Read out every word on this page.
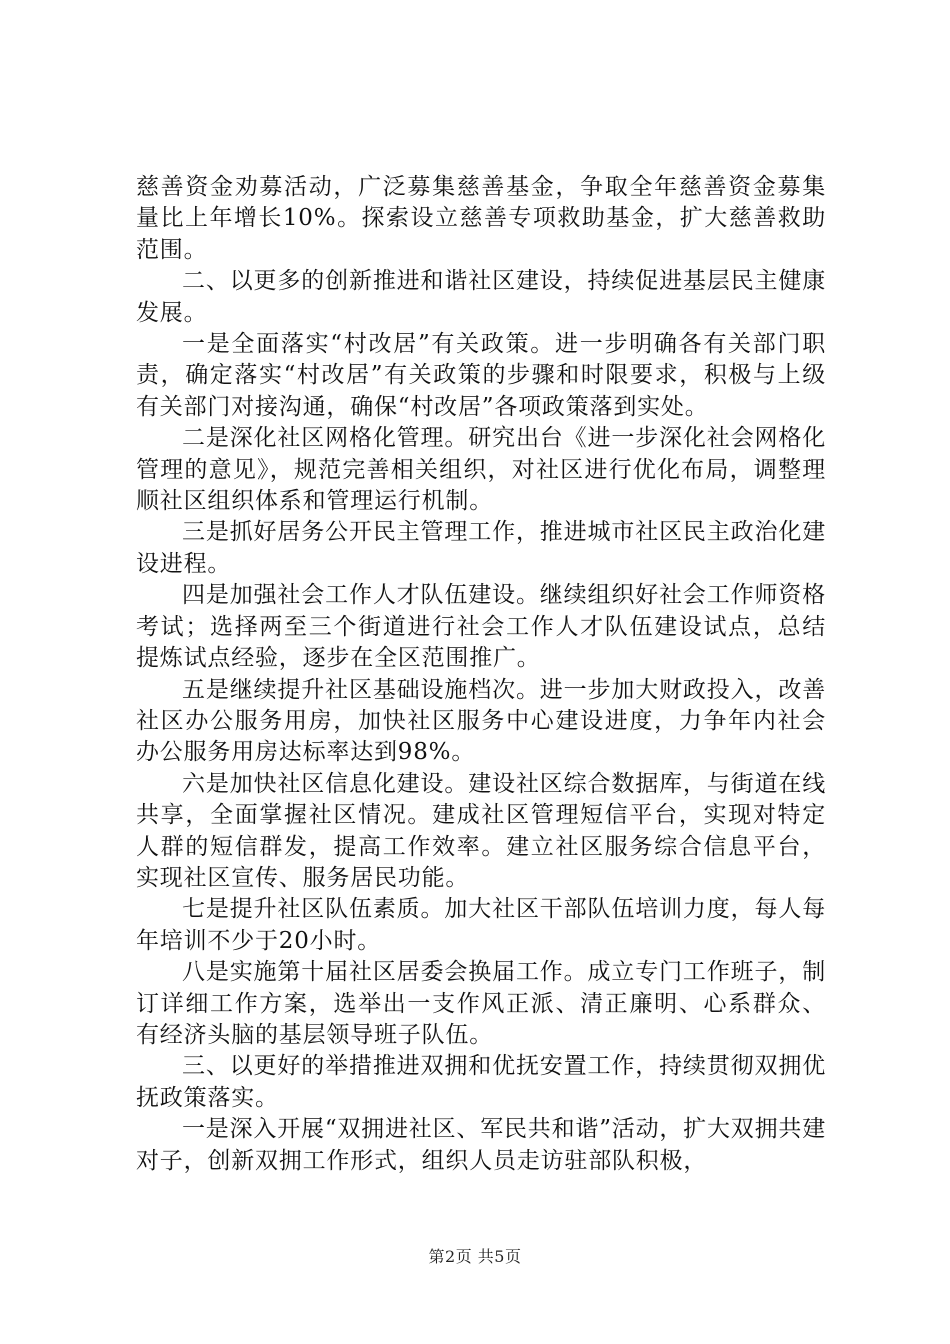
慈善资金劝募活动，广泛募集慈善基金，争取全年慈善资金募集量比上年增长10%。探索设立慈善专项救助基金，扩大慈善救助范围。

二、以更多的创新推进和谐社区建设，持续促进基层民主健康发展。

一是全面落实“村改居”有关政策。进一步明确各有关部门职责，确定落实“村改居”有关政策的步骤和时限要求，积极与上级有关部门对接沟通，确保“村改居”各项政策落到实处。

二是深化社区网格化管理。研究出台《进一步深化社会网格化管理的意见》，规范完善相关组织，对社区进行优化布局，调整理顺社区组织体系和管理运行机制。

三是抓好居务公开民主管理工作，推进城市社区民主政治化建设进程。

四是加强社会工作人才队伍建设。继续组织好社会工作师资格考试；选择两至三个街道进行社会工作人才队伍建设试点，总结提炼试点经验，逐步在全区范围推广。

五是继续提升社区基础设施档次。进一步加大财政投入，改善社区办公服务用房，加快社区服务中心建设进度，力争年内社会办公服务用房达标率达到98%。

六是加快社区信息化建设。建设社区综合数据库，与街道在线共享，全面掌握社区情况。建成社区管理短信平台，实现对特定人群的短信群发，提高工作效率。建立社区服务综合信息平台，实现社区宣传、服务居民功能。

七是提升社区队伍素质。加大社区干部队伍培训力度，每人每年培训不少于20小时。

八是实施第十届社区居委会换届工作。成立专门工作班子，制订详细工作方案，选举出一支作风正派、清正廉明、心系群众、有经济头脑的基层领导班子队伍。

三、以更好的举措推进双拥和优抚安置工作，持续贯彻双拥优抚政策落实。

一是深入开展“双拥进社区、军民共和谐”活动，扩大双拥共建对子，创新双拥工作形式，组织人员走访驻部队积极，

第2页 共5页
